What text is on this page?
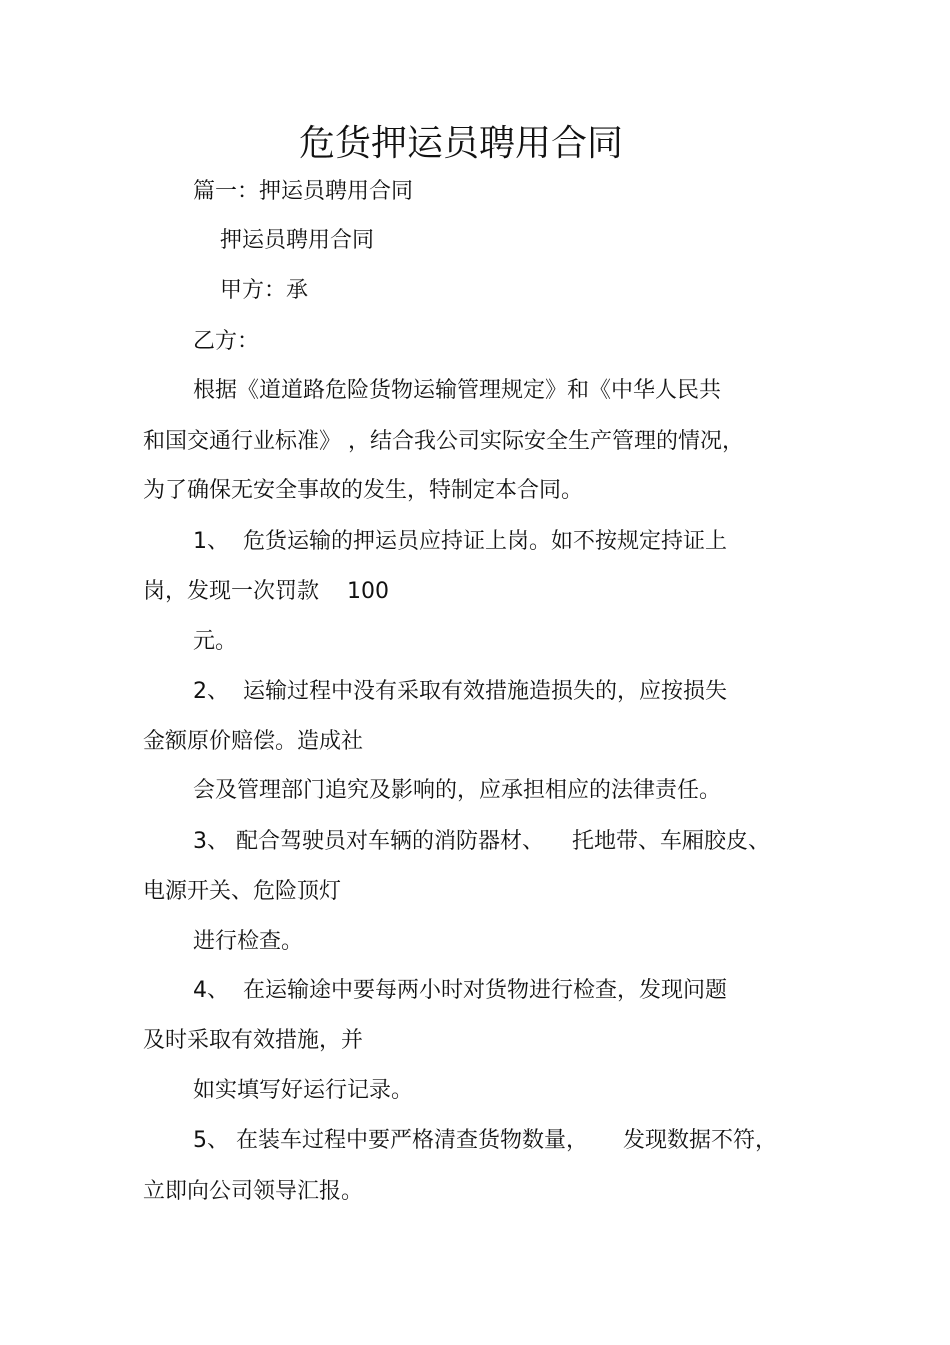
危货押运员聘用合同
篇一：押运员聘用合同
押运员聘用合同
甲方：承
乙方：
根据《道道路危险货物运输管理规定》和《中华人民共
和国交通行业标准》 ，结合我公司实际安全生产管理的情况，
为了确保无安全事故的发生，特制定本合同。
1、  危货运输的押运员应持证上岗。如不按规定持证上
岗，发现一次罚款    100
元。
2、  运输过程中没有采取有效措施造损失的，应按损失
金额原价赔偿。造成社
会及管理部门追究及影响的，应承担相应的法律责任。
3、 配合驾驶员对车辆的消防器材、    托地带、车厢胶皮、
电源开关、危险顶灯
进行检查。
4、  在运输途中要每两小时对货物进行检查，发现问题
及时采取有效措施，并
如实填写好运行记录。
5、 在装车过程中要严格清查货物数量，     发现数据不符，
立即向公司领导汇报。
